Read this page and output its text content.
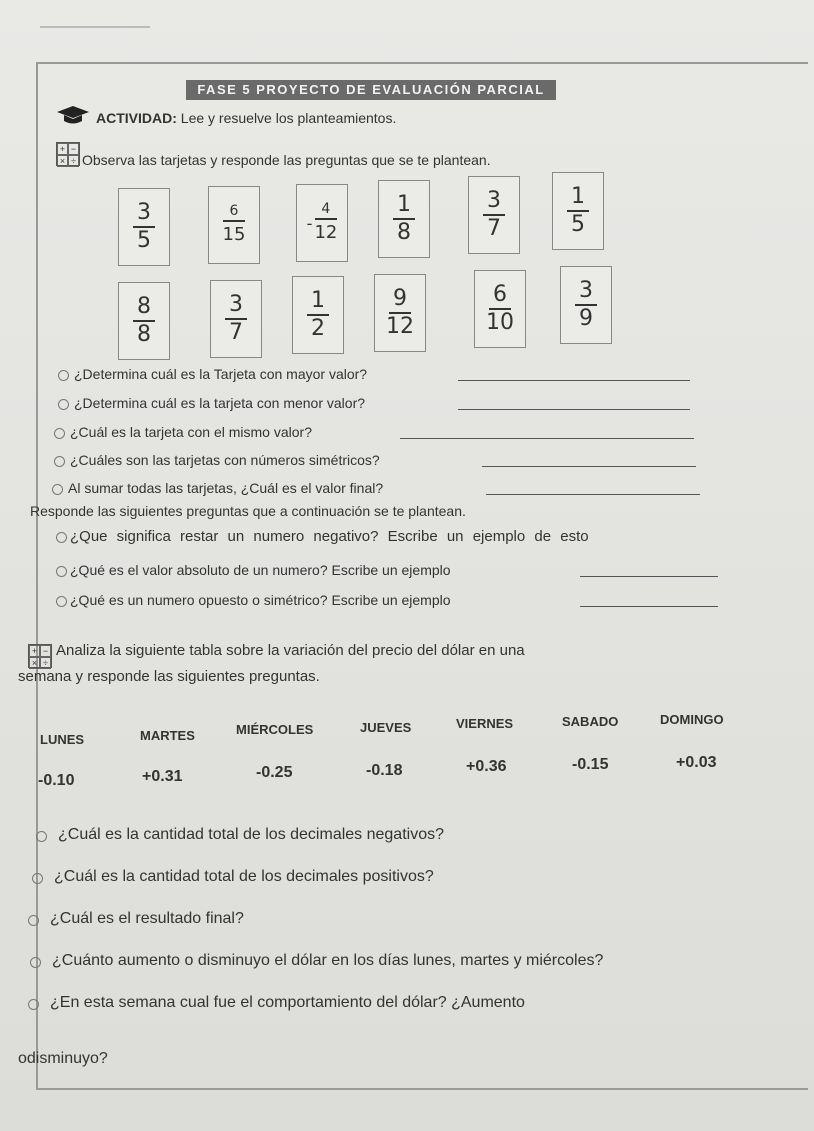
FASE 5 PROYECTO DE EVALUACIÓN PARCIAL
ACTIVIDAD: Lee y resuelve los planteamientos.
+ −
× ÷ Observa las tarjetas y responde las preguntas que se te plantean.
$\frac{3}{5}$	$\frac{6}{15}$	- $\frac{4}{12}$	$\frac{1}{8}$	$\frac{3}{7}$	$\frac{1}{5}$
$\frac{8}{8}$	$\frac{3}{7}$	$\frac{1}{2}$	$\frac{9}{12}$	$\frac{6}{10}$	$\frac{3}{9}$
¿Determina cuál es la Tarjeta con mayor valor?
¿Determina cuál es la tarjeta con menor valor?
¿Cuál es la tarjeta con el mismo valor?
¿Cuáles son las tarjetas con números simétricos?
Al sumar todas las tarjetas, ¿Cuál es el valor final?
Responde las siguientes preguntas que a continuación se te plantean.
¿Que significa restar un numero negativo? Escribe un ejemplo de esto
¿Qué es el valor absoluto de un numero? Escribe un ejemplo
¿Qué es un numero opuesto o simétrico? Escribe un ejemplo
+ −
× ÷
Analiza la siguiente tabla sobre la variación del precio del dólar en una
semana y responde las siguientes preguntas.
LUNES	MARTES	MIÉRCOLES	JUEVES	VIERNES	SABADO	DOMINGO
-0.10	+0.31	-0.25	-0.18	+0.36	-0.15	+0.03
¿Cuál es la cantidad total de los decimales negativos?
¿Cuál es la cantidad total de los decimales positivos?
¿Cuál es el resultado final?
¿Cuánto aumento o disminuyo el dólar en los días lunes, martes y miércoles?
¿En esta semana cual fue el comportamiento del dólar? ¿Aumento
odisminuyo?
